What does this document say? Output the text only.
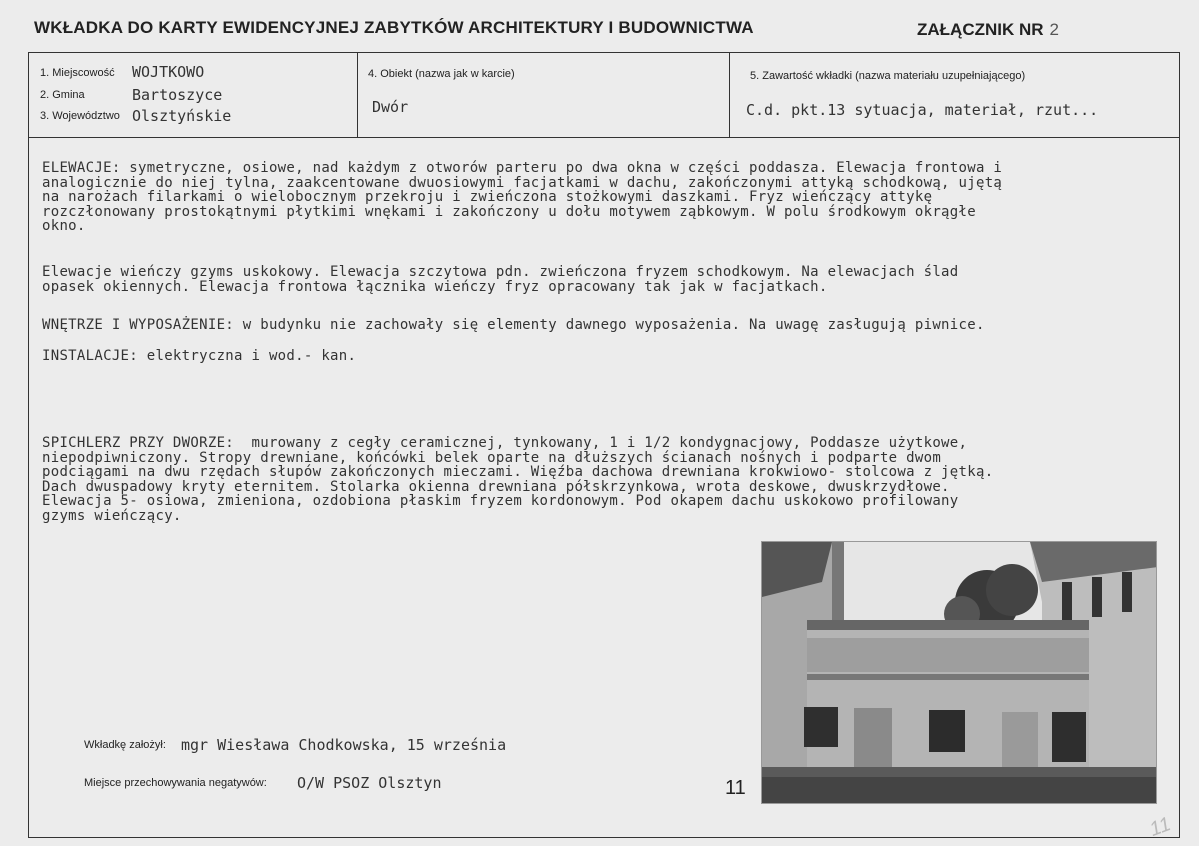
WKŁADKA DO KARTY EWIDENCYJNEJ ZABYTKÓW ARCHITEKTURY I BUDOWNICTWA	ZAŁĄCZNIK NR 2
1. Miejscowość WOJTKOWO
2. Gmina	Bartoszyce
3. Województwo Olsztyńskie
4. Obiekt (nazwa jak w karcie)
Dwór
5. Zawartość wkładki (nazwa materiału uzupełniającego)
C.d. pkt.13 sytuacja, materiał, rzut...

ELEWACJE: symetryczne, osiowe, nad każdym z otworów parteru po dwa okna w części poddasza. Elewacja frontowa i
analogicznie do niej tylna, zaakcentowane dwuosiowymi facjatkami w dachu, zakończonymi attyką schodkową, ujętą
na narożach filarkami o wielobocznym przekroju i zwieńczona stożkowymi daszkami. Fryz wieńczący attykę
rozczłonowany prostokątnymi płytkimi wnękami i zakończony u dołu motywem ząbkowym. W polu środkowym okrągłe
okno.

Elewacje wieńczy gzyms uskokowy. Elewacja szczytowa pdn. zwieńczona fryzem schodkowym. Na elewacjach ślad
opasek okiennych. Elewacja frontowa łącznika wieńczy fryz opracowany tak jak w facjatkach.

WNĘTRZE I WYPOSAŻENIE: w budynku nie zachowały się elementy dawnego wyposażenia. Na uwagę zasługują piwnice.

INSTALACJE: elektryczna i wod.- kan.

SPICHLERZ PRZY DWORZE:  murowany z cegły ceramicznej, tynkowany, 1 i 1/2 kondygnacjowy, Poddasze użytkowe,
niepodpiwniczony. Stropy drewniane, końcówki belek oparte na dłuższych ścianach nośnych i podparte dwom
podciągami na dwu rzędach słupów zakończonych mieczami. Więźba dachowa drewniana krokwiowo- stolcowa z jętką.
Dach dwuspadowy kryty eternitem. Stolarka okienna drewniana półskrzynkowa, wrota deskowe, dwuskrzydłowe.
Elewacja 5- osiowa, zmieniona, ozdobiona płaskim fryzem kordonowym. Pod okapem dachu uskokowo profilowany
gzyms wieńczący.

Wkładkę założył: mgr Wiesława Chodkowska, 15 września
Miejsce przechowywania negatywów: O/W PSOZ Olsztyn	11
11
